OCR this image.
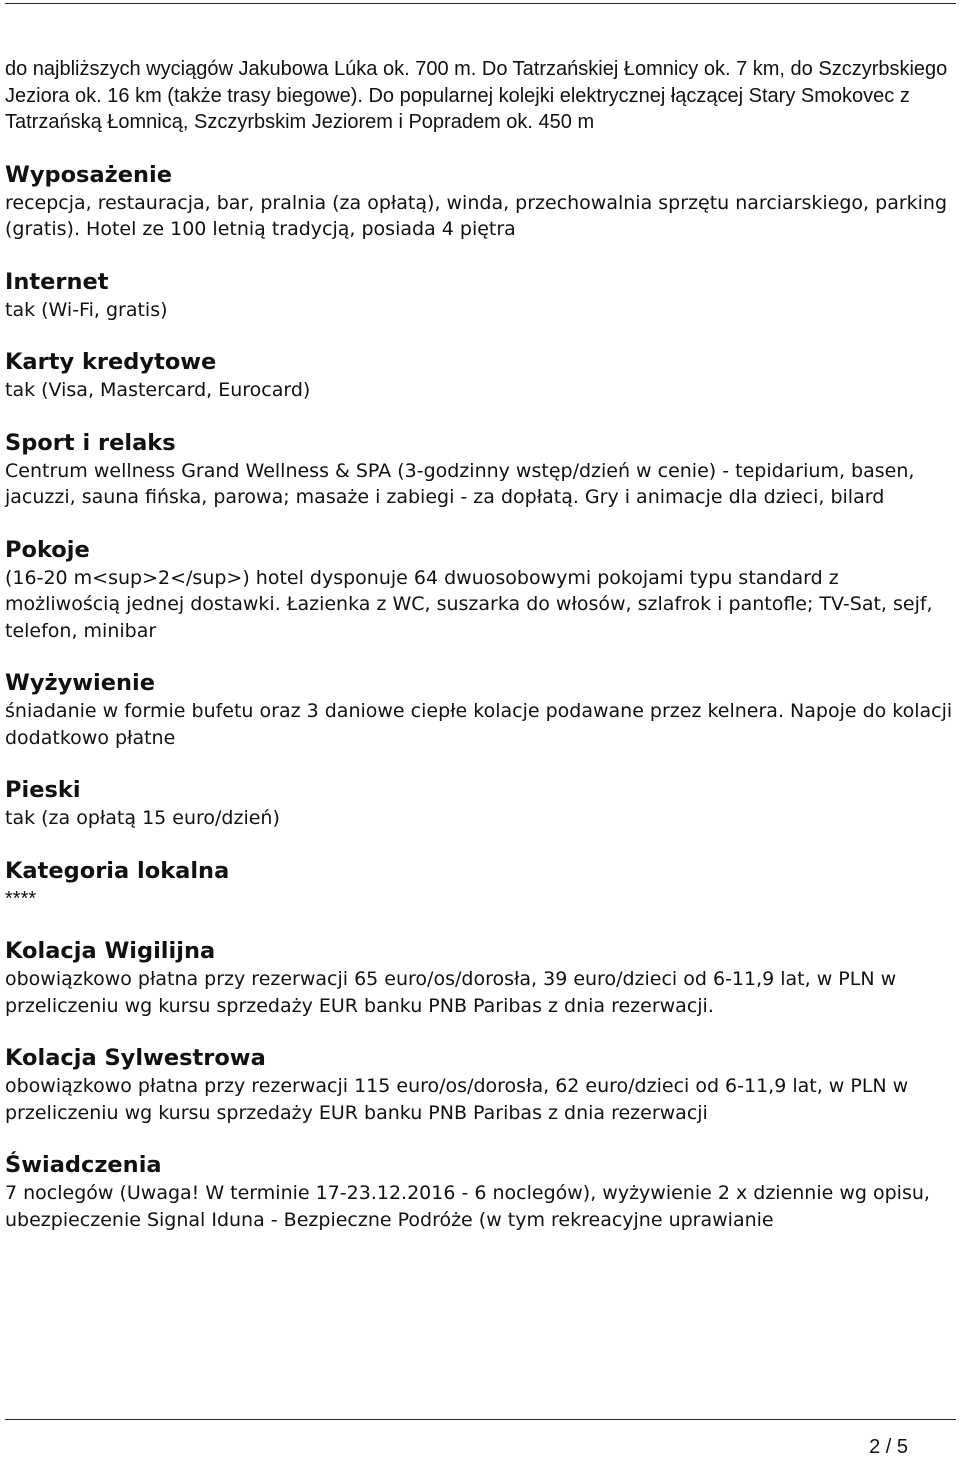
do najbliższych wyciągów Jakubowa Lúka ok. 700 m. Do Tatrzańskiej Łomnicy ok. 7 km, do Szczyrbskiego Jeziora ok. 16 km (także trasy biegowe). Do popularnej kolejki elektrycznej łączącej Stary Smokovec z Tatrzańską Łomnicą, Szczyrbskim Jeziorem i Popradem ok. 450 m

Wyposażenie

recepcja, restauracja, bar, pralnia (za opłatą), winda, przechowalnia sprzętu narciarskiego, parking (gratis). Hotel ze 100 letnią tradycją, posiada 4 piętra

Internet

tak (Wi-Fi, gratis)

Karty kredytowe

tak (Visa, Mastercard, Eurocard)

Sport i relaks

Centrum wellness Grand Wellness & SPA (3-godzinny wstęp/dzień w cenie) - tepidarium, basen, jacuzzi, sauna fińska, parowa; masaże i zabiegi - za dopłatą. Gry i animacje dla dzieci, bilard

Pokoje

(16-20 m<sup>2</sup>) hotel dysponuje 64 dwuosobowymi pokojami typu standard z możliwością jednej dostawki. Łazienka z WC, suszarka do włosów, szlafrok i pantofle; TV-Sat, sejf, telefon, minibar

Wyżywienie

śniadanie w formie bufetu oraz 3 daniowe ciepłe kolacje podawane przez kelnera. Napoje do kolacji dodatkowo płatne

Pieski

tak (za opłatą 15 euro/dzień)

Kategoria lokalna

****

Kolacja Wigilijna

obowiązkowo płatna przy rezerwacji 65 euro/os/dorosła, 39 euro/dzieci od 6-11,9 lat, w PLN w przeliczeniu wg kursu sprzedaży EUR banku PNB Paribas z dnia rezerwacji.

Kolacja Sylwestrowa

obowiązkowo płatna przy rezerwacji 115 euro/os/dorosła, 62 euro/dzieci od 6-11,9 lat, w PLN w przeliczeniu wg kursu sprzedaży EUR banku PNB Paribas z dnia rezerwacji

Świadczenia

7 noclegów (Uwaga! W terminie 17-23.12.2016 - 6 noclegów), wyżywienie 2 x dziennie wg opisu, ubezpieczenie Signal Iduna - Bezpieczne Podróże (w tym rekreacyjne uprawianie

2 / 5
